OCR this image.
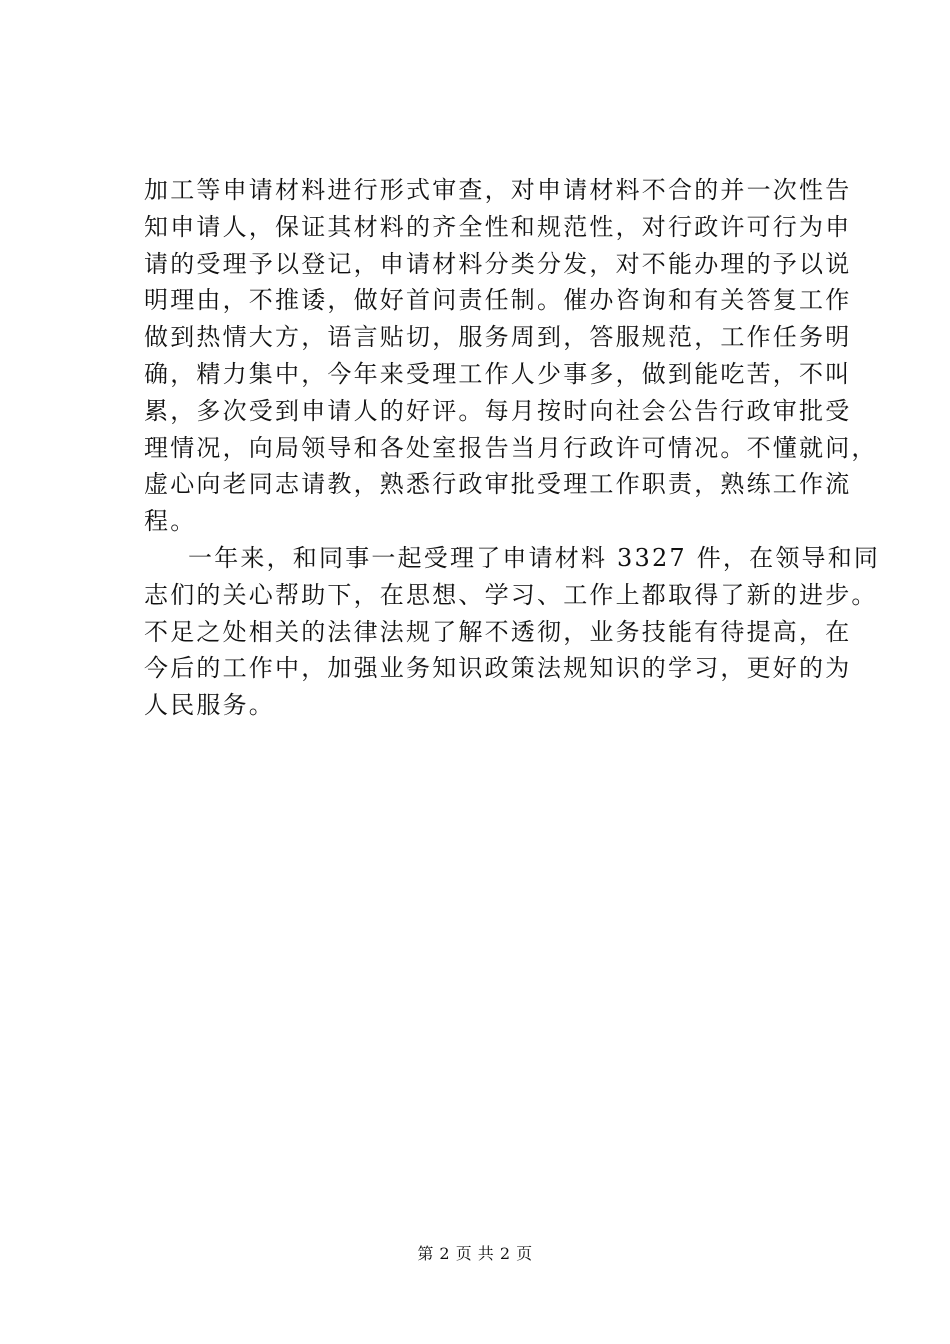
加工等申请材料进行形式审查，对申请材料不合的并一次性告
知申请人，保证其材料的齐全性和规范性，对行政许可行为申
请的受理予以登记，申请材料分类分发，对不能办理的予以说
明理由，不推诿，做好首问责任制。催办咨询和有关答复工作
做到热情大方，语言贴切，服务周到，答服规范，工作任务明
确，精力集中，今年来受理工作人少事多，做到能吃苦，不叫
累，多次受到申请人的好评。每月按时向社会公告行政审批受
理情况，向局领导和各处室报告当月行政许可情况。不懂就问，
虚心向老同志请教，熟悉行政审批受理工作职责，熟练工作流
程。
一年来，和同事一起受理了申请材料 3327 件，在领导和同
志们的关心帮助下，在思想、学习、工作上都取得了新的进步。
不足之处相关的法律法规了解不透彻，业务技能有待提高，在
今后的工作中，加强业务知识政策法规知识的学习，更好的为
人民服务。
第 2 页 共 2 页
